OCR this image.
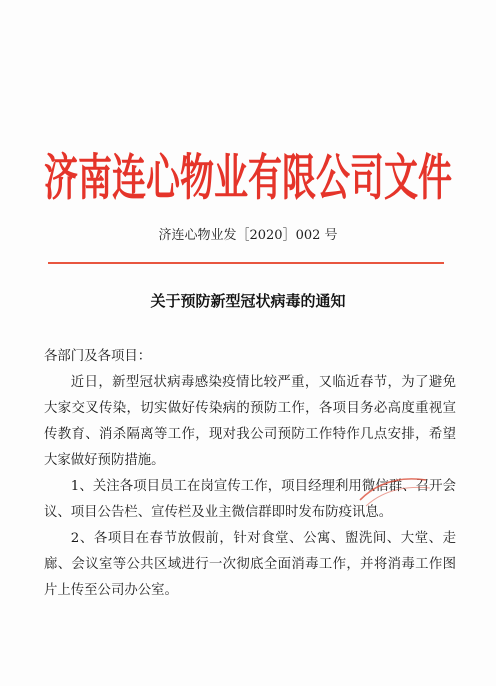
济南连心物业有限公司文件
济连心物业发［2020］002 号
关于预防新型冠状病毒的通知
各部门及各项目：
近日，新型冠状病毒感染疫情比较严重，又临近春节，为了避免大家交叉传染，切实做好传染病的预防工作，各项目务必高度重视宣传教育、消杀隔离等工作，现对我公司预防工作特作几点安排，希望大家做好预防措施。
1、关注各项目员工在岗宣传工作，项目经理利用微信群、召开会议、项目公告栏、宣传栏及业主微信群即时发布防疫讯息。
2、各项目在春节放假前，针对食堂、公寓、盥洗间、大堂、走廊、会议室等公共区域进行一次彻底全面消毒工作，并将消毒工作图片上传至公司办公室。
